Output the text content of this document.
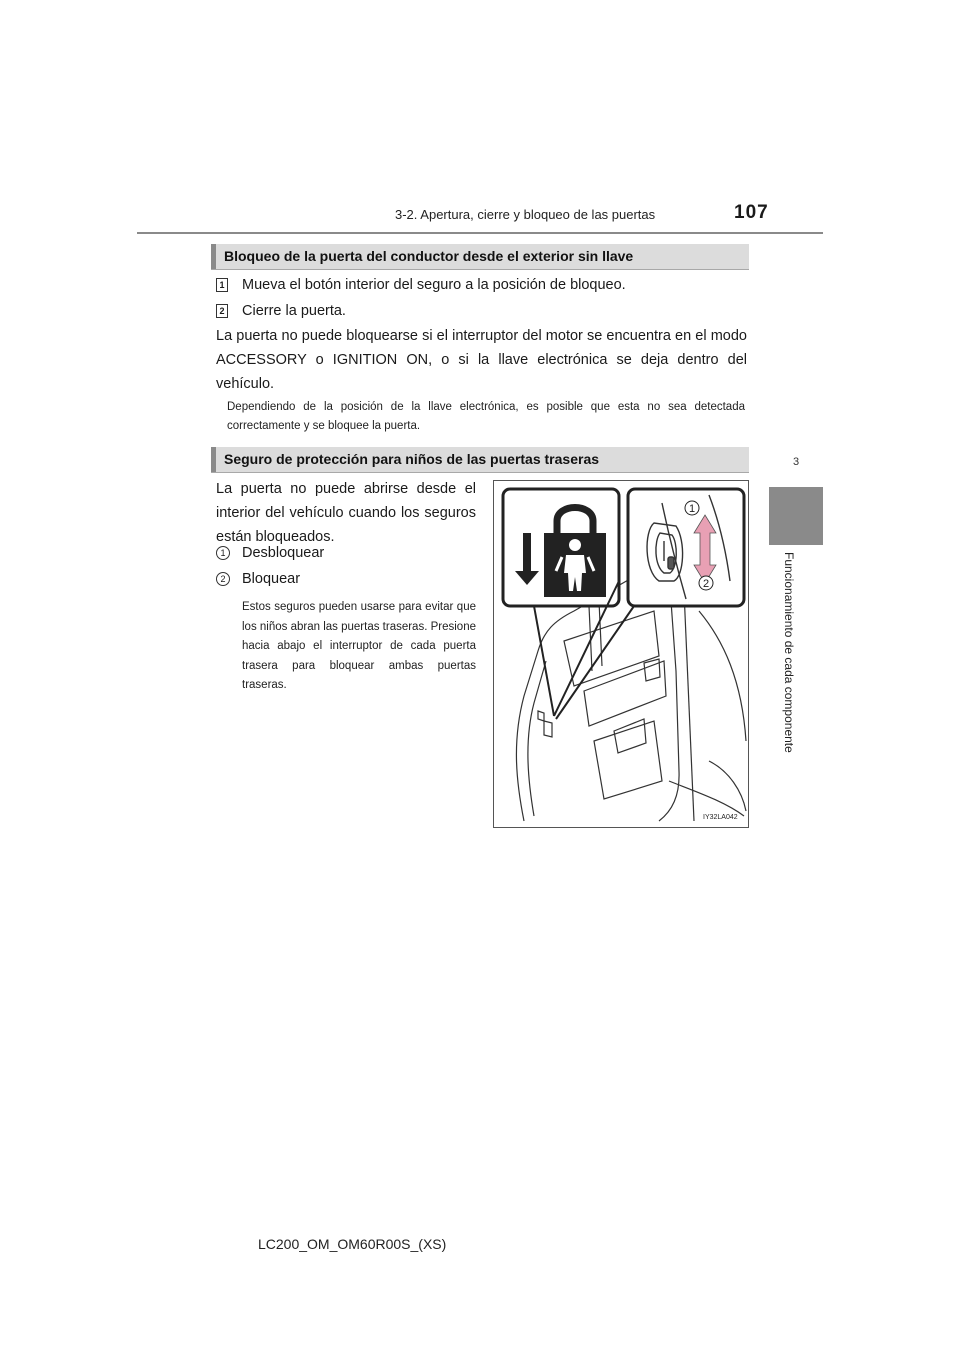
3-2. Apertura, cierre y bloqueo de las puertas	107
3
Funcionamiento de cada componente
Bloqueo de la puerta del conductor desde el exterior sin llave
1 Mueva el botón interior del seguro a la posición de bloqueo.
2 Cierre la puerta.
La puerta no puede bloquearse si el interruptor del motor se encuentra en el modo ACCESSORY o IGNITION ON, o si la llave electrónica se deja dentro del vehículo.
Dependiendo de la posición de la llave electrónica, es posible que esta no sea detectada correctamente y se bloquee la puerta.
Seguro de protección para niños de las puertas traseras
La puerta no puede abrirse desde el interior del vehículo cuando los seguros están bloqueados.
1	Desbloquear
2	Bloquear
Estos seguros pueden usarse para evitar que los niños abran las puertas traseras. Presione hacia abajo el interruptor de cada puerta trasera para bloquear ambas puertas traseras.
1
2
IY32LA042
LC200_OM_OM60R00S_(XS)
